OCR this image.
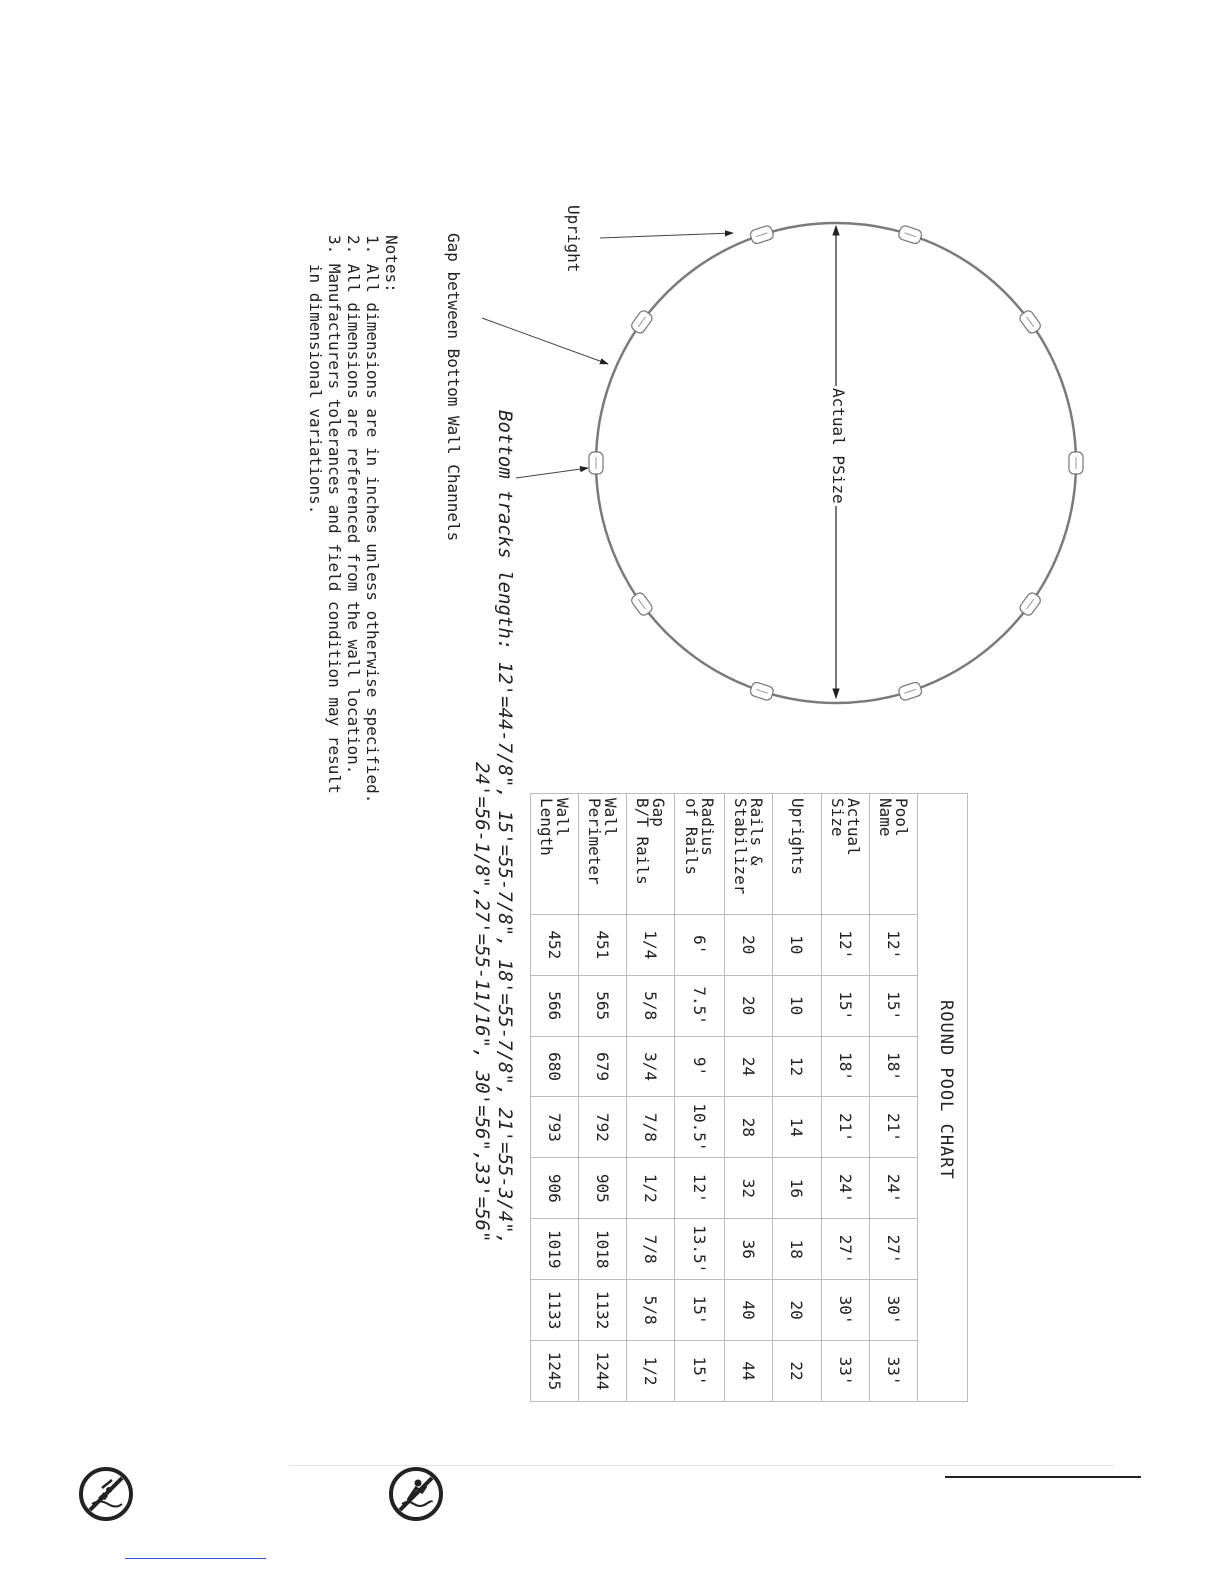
ROUND POOL CHART

Pool
Name	12'	15'	18'	21'	24'	27'	30'	33'
Actual
Size	12'	15'	18'	21'	24'	27'	30'	33'
Uprights	10	10	12	14	16	18	20	22
Rails &
Stabilizer	20	20	24	28	32	36	40	44
Radius
of Rails	6'	7.5'	9'	10.5'	12'	13.5'	15'	15'
Gap
B/T Rails	1/4	5/8	3/4	7/8	1/2	7/8	5/8	1/2
Wall
Perimeter	451	565	679	792	905	1018	1132	1244
Wall
Length	452	566	680	793	906	1019	1133	1245
Actual PSize
Upright
Gap between Bottom Wall Channels
Bottom tracks length: 12'=44-7/8", 15'=55-7/8", 18'=55-7/8", 21'=55-3/4",
24'=56-1/8",27'=55-11/16", 30'=56",33'=56"
Notes:
1. All dimensions are in inches unless otherwise specified.
2. All dimensions are referenced from the wall location.
3. Manufacturers tolerances and field condition may result
in dimensional variations.
